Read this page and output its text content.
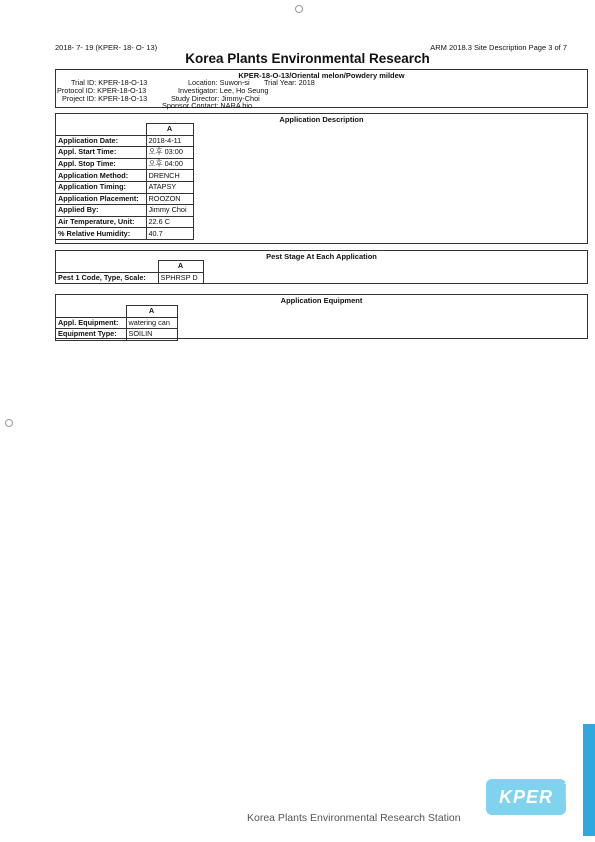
2018- 7- 19 (KPER- 18- O- 13)	ARM 2018.3 Site Description Page 3 of 7
Korea Plants Environmental Research
KPER-18-O-13/Oriental melon/Powdery mildew
Trial ID: KPER-18-O-13
Protocol ID: KPER-18-O-13
Project ID: KPER-18-O-13
Location: Suwon-si Trial Year: 2018
Investigator: Lee, Ho Seung
Study Director: Jimmy-Choi
Sponsor Contact: NARA bio
Application Description
	A
Application Date:	2018-4-11
Appl. Start Time:	오후 03:00
Appl. Stop Time:	오후 04:00
Application Method:	DRENCH
Application Timing:	ATAPSY
Application Placement:	ROOZON
Applied By:	Jimmy Choi
Air Temperature, Unit:	22.6 C
% Relative Humidity:	40.7
Pest Stage At Each Application
	A
Pest 1 Code, Type, Scale:	SPHRSP D
Application Equipment
	A
Appl. Equipment:	watering can
Equipment Type:	SOILIN
Korea Plants Environmental Research Station
KPER www.kper.or.kr
